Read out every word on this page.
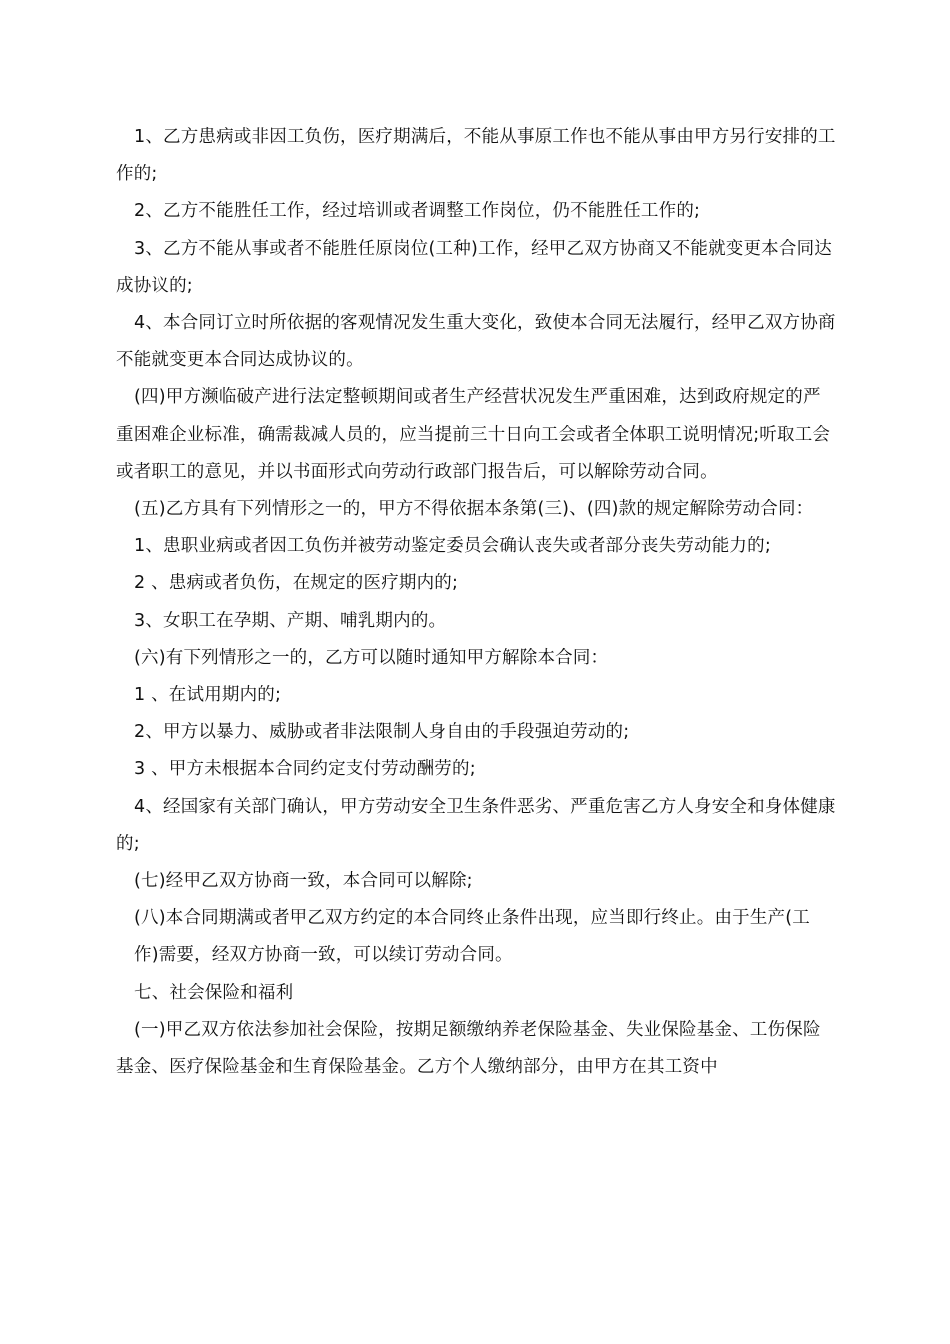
1、乙方患病或非因工负伤，医疗期满后，不能从事原工作也不能从事由甲方另行安排的工作的;

2、乙方不能胜任工作，经过培训或者调整工作岗位，仍不能胜任工作的;

3、乙方不能从事或者不能胜任原岗位(工种)工作，经甲乙双方协商又不能就变更本合同达成协议的;

4、本合同订立时所依据的客观情况发生重大变化，致使本合同无法履行，经甲乙双方协商不能就变更本合同达成协议的。

(四)甲方濒临破产进行法定整顿期间或者生产经营状况发生严重困难，达到政府规定的严重困难企业标准，确需裁减人员的，应当提前三十日向工会或者全体职工说明情况;听取工会或者职工的意见，并以书面形式向劳动行政部门报告后，可以解除劳动合同。

(五)乙方具有下列情形之一的，甲方不得依据本条第(三)、(四)款的规定解除劳动合同：

1、患职业病或者因工负伤并被劳动鉴定委员会确认丧失或者部分丧失劳动能力的;

2 、患病或者负伤，在规定的医疗期内的;

3、女职工在孕期、产期、哺乳期内的。

(六)有下列情形之一的，乙方可以随时通知甲方解除本合同：

1 、在试用期内的;

2、甲方以暴力、威胁或者非法限制人身自由的手段强迫劳动的;

3 、甲方未根据本合同约定支付劳动酬劳的;

4、经国家有关部门确认，甲方劳动安全卫生条件恶劣、严重危害乙方人身安全和身体健康的;

(七)经甲乙双方协商一致，本合同可以解除;

(八)本合同期满或者甲乙双方约定的本合同终止条件出现，应当即行终止。由于生产(工

作)需要，经双方协商一致，可以续订劳动合同。

七、社会保险和福利

(一)甲乙双方依法参加社会保险，按期足额缴纳养老保险基金、失业保险基金、工伤保险基金、医疗保险基金和生育保险基金。乙方个人缴纳部分，由甲方在其工资中
